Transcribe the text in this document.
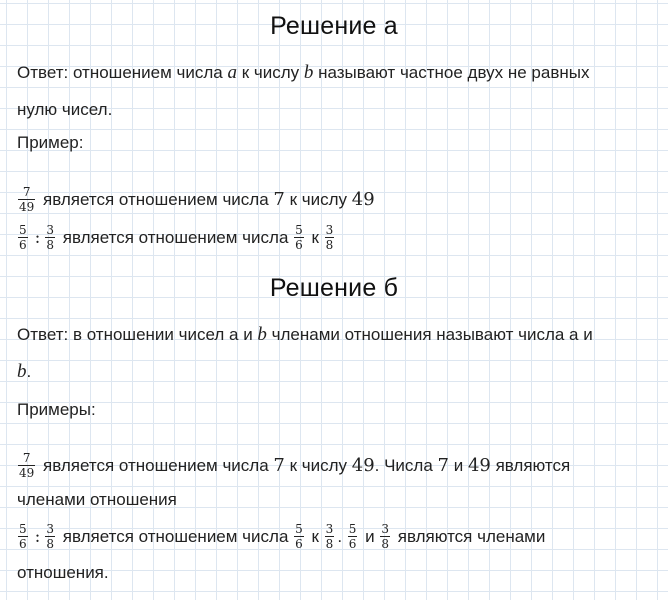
Решение а
Ответ: отношением числа a к числу b называют частное двух не равных
нулю чисел.
Пример:
$\frac{7}{49}$ является отношением числа 7 к числу 49
$\frac{5}{6}$ : $\frac{3}{8}$ является отношением числа $\frac{5}{6}$ к $\frac{3}{8}$
Решение б
Ответ: в отношении чисел а и b членами отношения называют числа а и
b.
Примеры:
$\frac{7}{49}$ является отношением числа 7 к числу 49. Числа 7 и 49 являются
членами отношения
$\frac{5}{6}$ : $\frac{3}{8}$ является отношением числа $\frac{5}{6}$ к $\frac{3}{8}$ . $\frac{5}{6}$ и $\frac{3}{8}$ являются членами
отношения.
